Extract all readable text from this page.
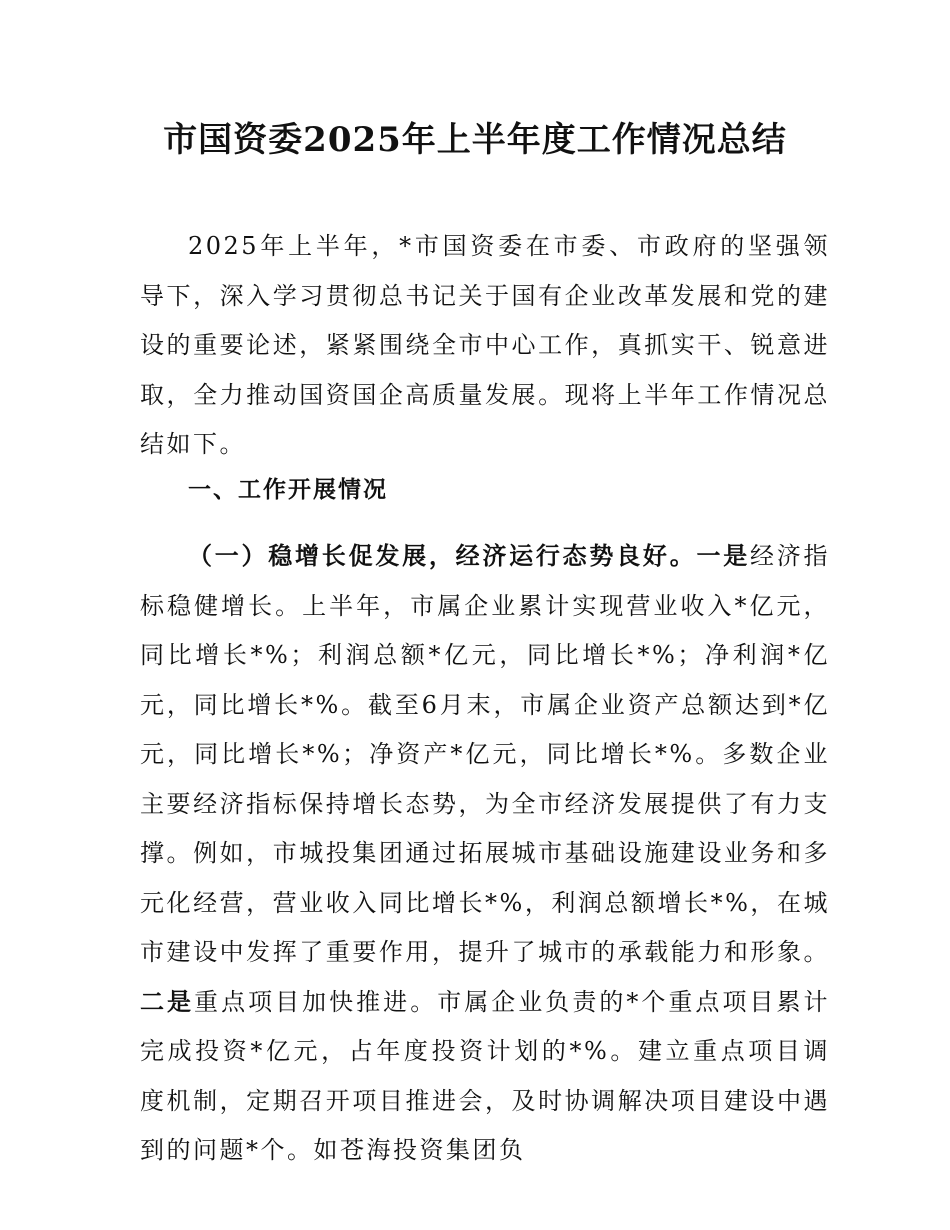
市国资委2025年上半年度工作情况总结

2025年上半年，*市国资委在市委、市政府的坚强领导下，深入学习贯彻总书记关于国有企业改革发展和党的建设的重要论述，紧紧围绕全市中心工作，真抓实干、锐意进取，全力推动国资国企高质量发展。现将上半年工作情况总结如下。

一、工作开展情况

（一）稳增长促发展，经济运行态势良好。一是经济指标稳健增长。上半年，市属企业累计实现营业收入*亿元，同比增长*%；利润总额*亿元，同比增长*%；净利润*亿元，同比增长*%。截至6月末，市属企业资产总额达到*亿元，同比增长*%；净资产*亿元，同比增长*%。多数企业主要经济指标保持增长态势，为全市经济发展提供了有力支撑。例如，市城投集团通过拓展城市基础设施建设业务和多元化经营，营业收入同比增长*%，利润总额增长*%，在城市建设中发挥了重要作用，提升了城市的承载能力和形象。二是重点项目加快推进。市属企业负责的*个重点项目累计完成投资*亿元，占年度投资计划的*%。建立重点项目调度机制，定期召开项目推进会，及时协调解决项目建设中遇到的问题*个。如苍海投资集团负
